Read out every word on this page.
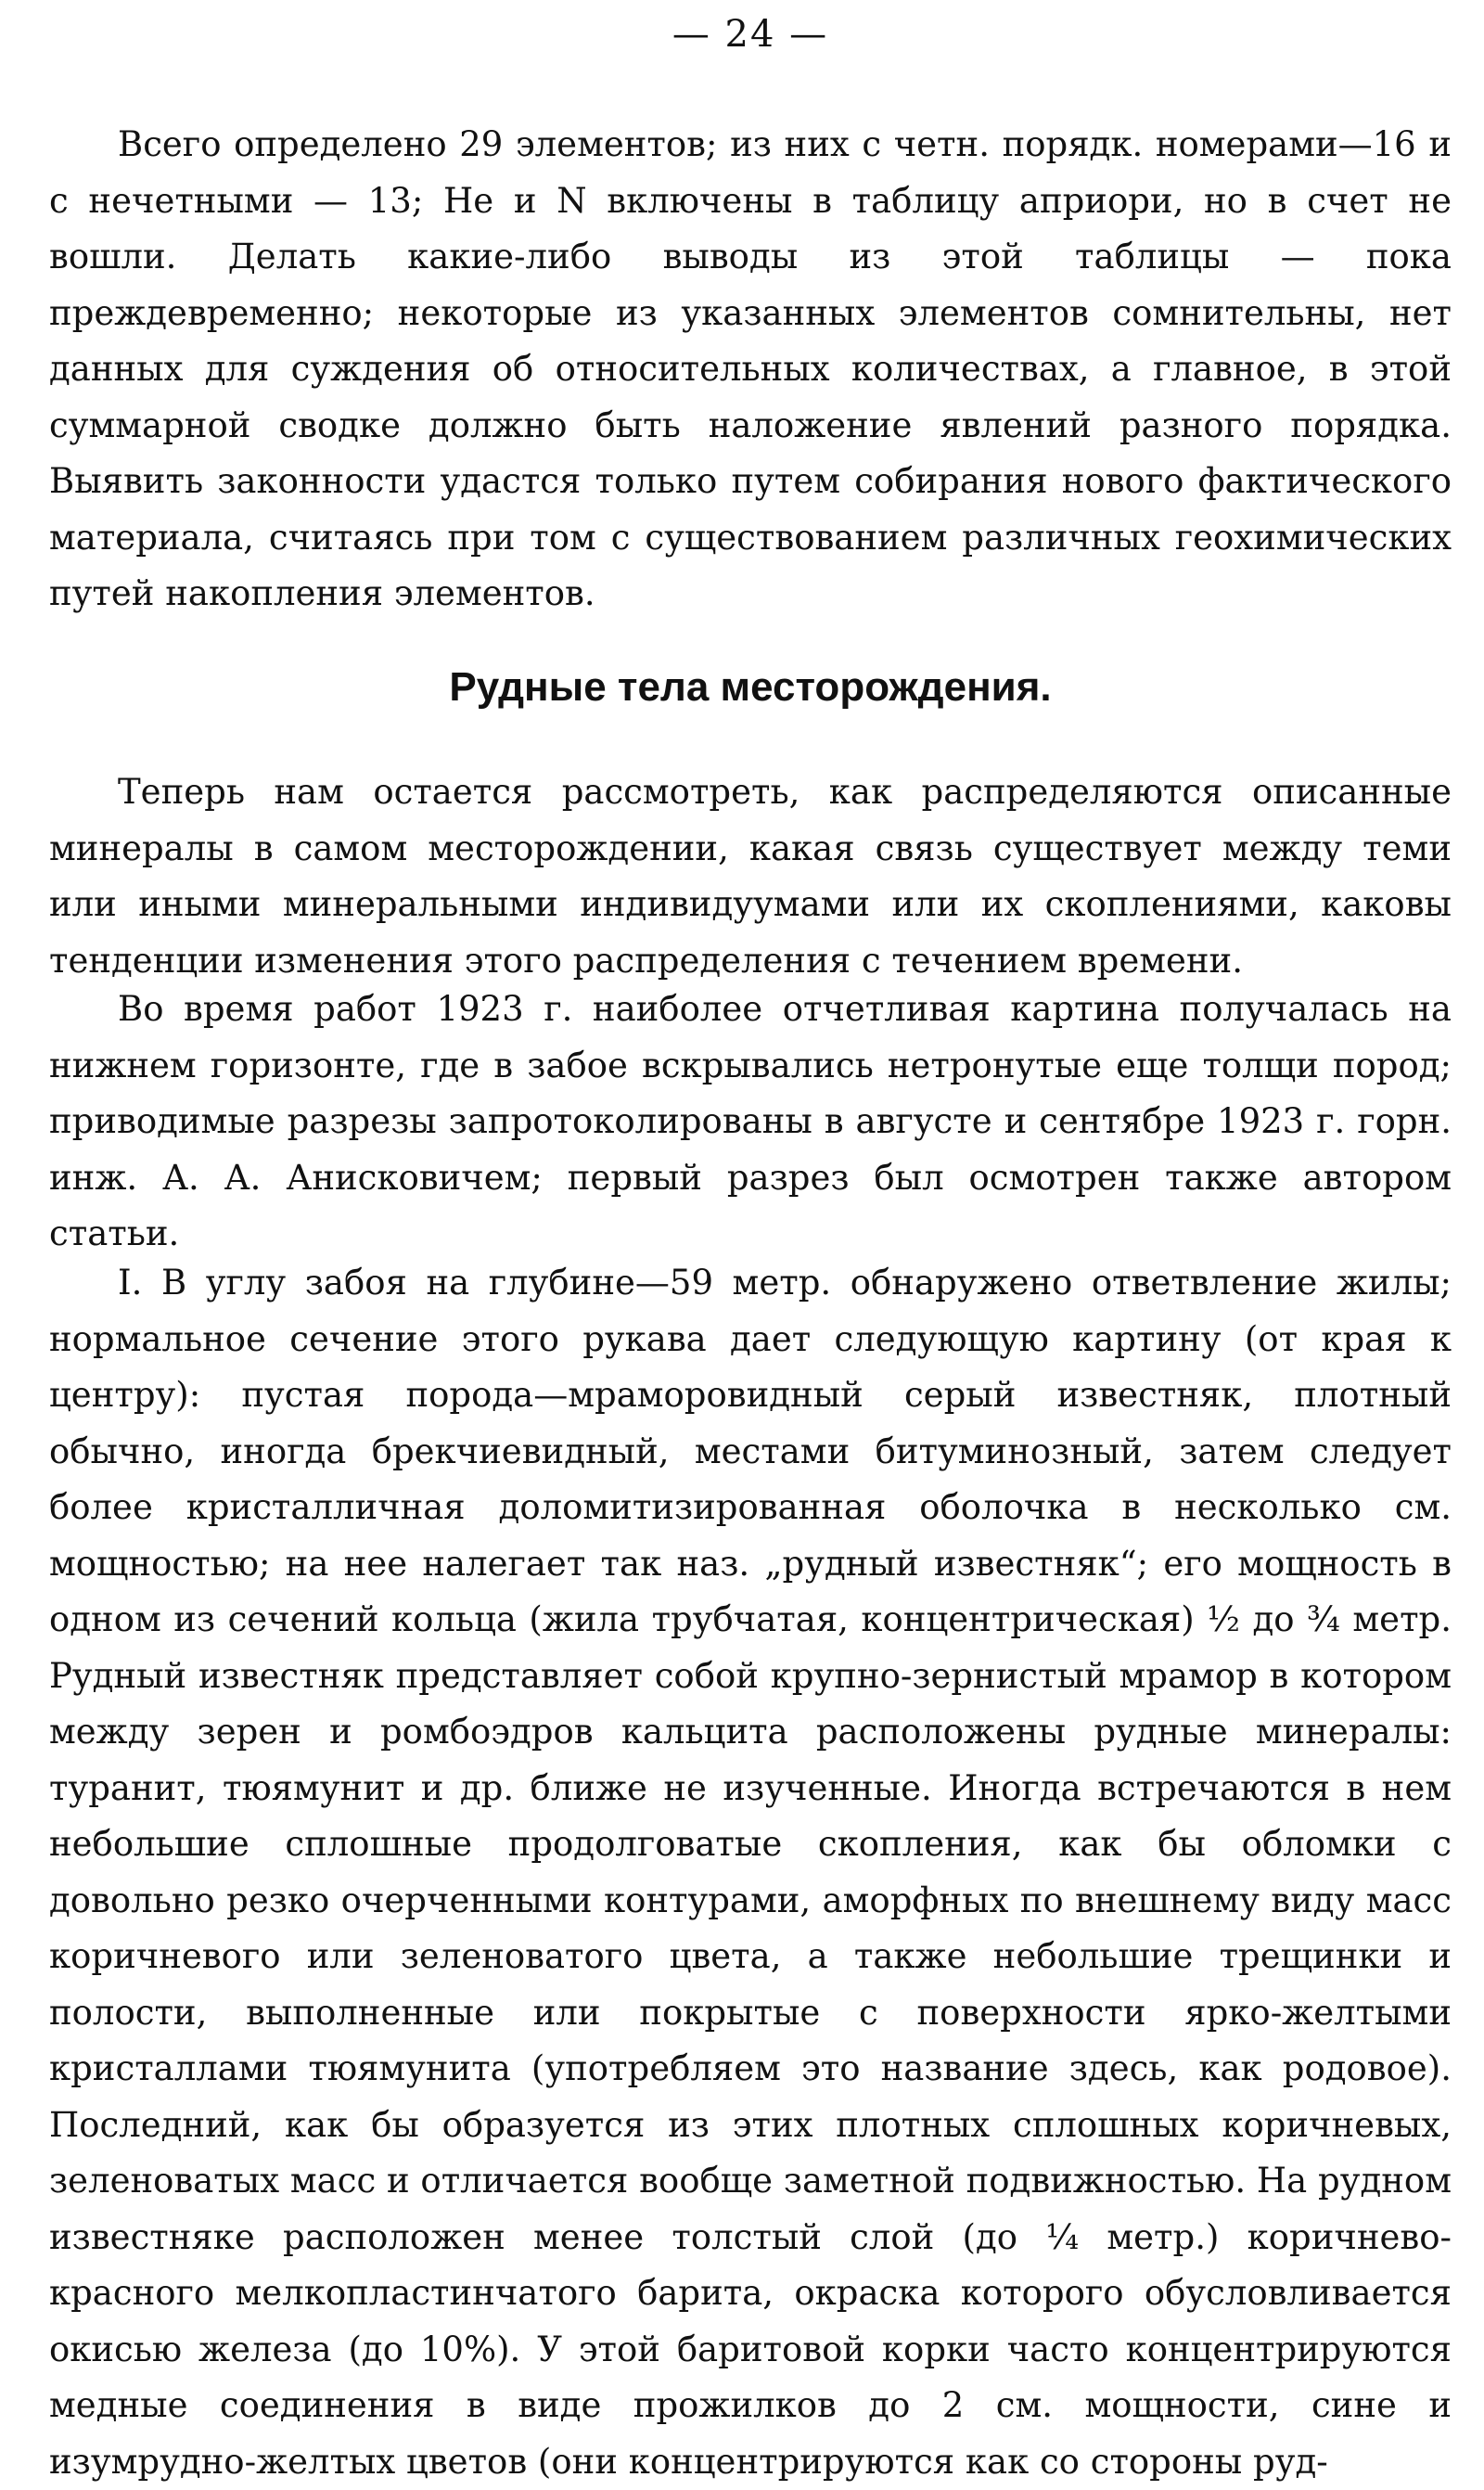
— 24 —

Всего определено 29 элементов; из них с четн. порядк. номерами—16 и с нечетными — 13; He и N включены в таблицу априори, но в счет не вошли. Делать какие-либо выводы из этой таблицы — пока преждевременно; некоторые из указанных элементов сомнительны, нет данных для суждения об относительных количествах, а главное, в этой суммарной сводке должно быть наложение явлений разного порядка. Выявить законности удастся только путем собирания нового фактического материала, считаясь при том с существованием различных геохимических путей накопления элементов.

Рудные тела месторождения.

Теперь нам остается рассмотреть, как распределяются описанные минералы в самом месторождении, какая связь существует между теми или иными минеральными индивидуумами или их скоплениями, каковы тенденции изменения этого распределения с течением времени.

Во время работ 1923 г. наиболее отчетливая картина получалась на нижнем горизонте, где в забое вскрывались нетронутые еще толщи пород; приводимые разрезы запротоколированы в августе и сентябре 1923 г. горн. инж. А. А. Анисковичем; первый разрез был осмотрен также автором статьи.

I. В углу забоя на глубине—59 метр. обнаружено ответвление жилы; нормальное сечение этого рукава дает следующую картину (от края к центру): пустая порода—мраморовидный серый известняк, плотный обычно, иногда брекчиевидный, местами битуминозный, затем следует более кристалличная доломитизированная оболочка в несколько см. мощностью; на нее налегает так наз. „рудный известняк“; его мощность в одном из сечений кольца (жила трубчатая, концентрическая) ½ до ¾ метр. Рудный известняк представляет собой крупно-зернистый мрамор в котором между зерен и ромбоэдров кальцита расположены рудные минералы: туранит, тюямунит и др. ближе не изученные. Иногда встречаются в нем небольшие сплошные продолговатые скопления, как бы обломки с довольно резко очерченными контурами, аморфных по внешнему виду масс коричневого или зеленоватого цвета, а также небольшие трещинки и полости, выполненные или покрытые с поверхности ярко-желтыми кристаллами тюямунита (употребляем это название здесь, как родовое). Последний, как бы образуется из этих плотных сплошных коричневых, зеленоватых масс и отличается вообще заметной подвижностью. На рудном известняке расположен менее толстый слой (до ¼ метр.) коричнево-красного мелкопластинчатого барита, окраска которого обусловливается окисью железа (до 10%). У этой баритовой корки часто концентрируются медные соединения в виде прожилков до 2 см. мощности, сине и изумрудно-желтых цветов (они концентрируются как со стороны руд-
